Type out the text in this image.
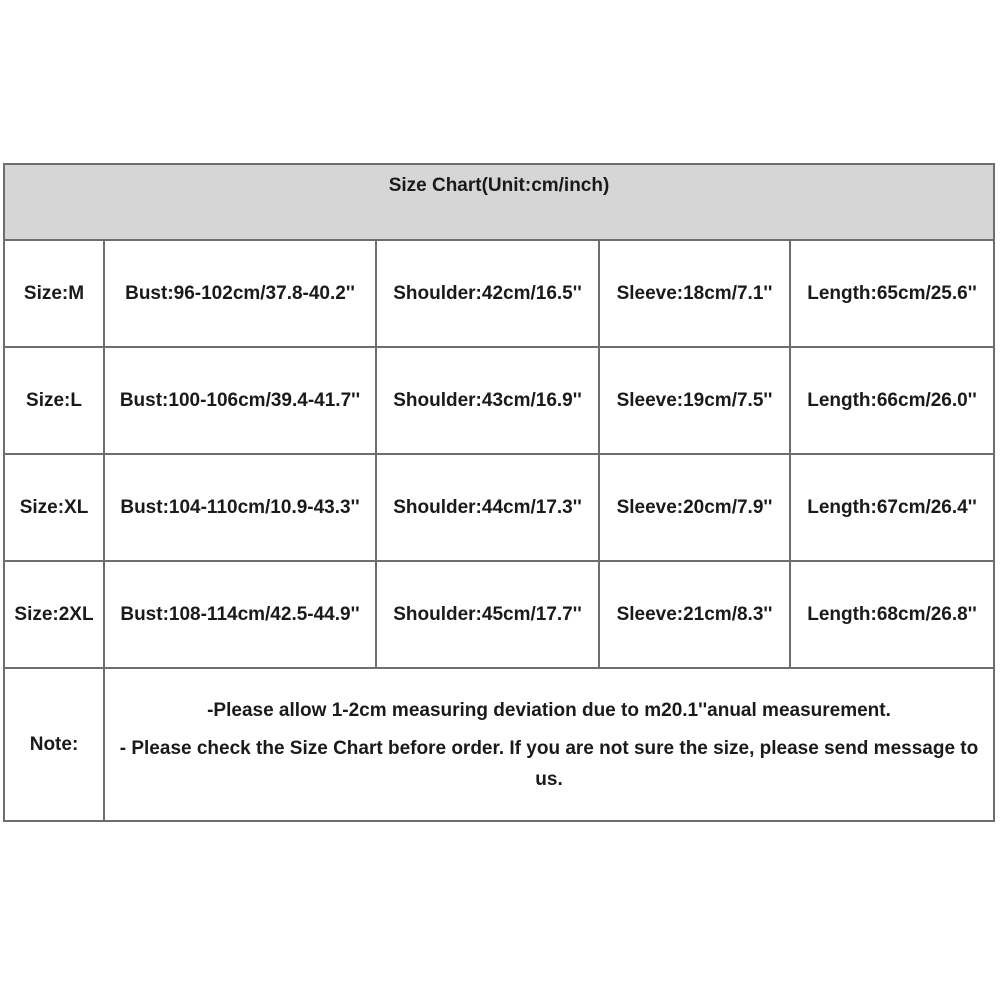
Size Chart(Unit:cm/inch)
Size:M	Bust:96-102cm/37.8-40.2''	Shoulder:42cm/16.5''	Sleeve:18cm/7.1''	Length:65cm/25.6''
Size:L	Bust:100-106cm/39.4-41.7''	Shoulder:43cm/16.9''	Sleeve:19cm/7.5''	Length:66cm/26.0''
Size:XL	Bust:104-110cm/10.9-43.3''	Shoulder:44cm/17.3''	Sleeve:20cm/7.9''	Length:67cm/26.4''
Size:2XL	Bust:108-114cm/42.5-44.9''	Shoulder:45cm/17.7''	Sleeve:21cm/8.3''	Length:68cm/26.8''
Note:
-Please allow 1-2cm measuring deviation due to m20.1''anual measurement.
- Please check the Size Chart before order. If you are not sure the size, please send message to us.
